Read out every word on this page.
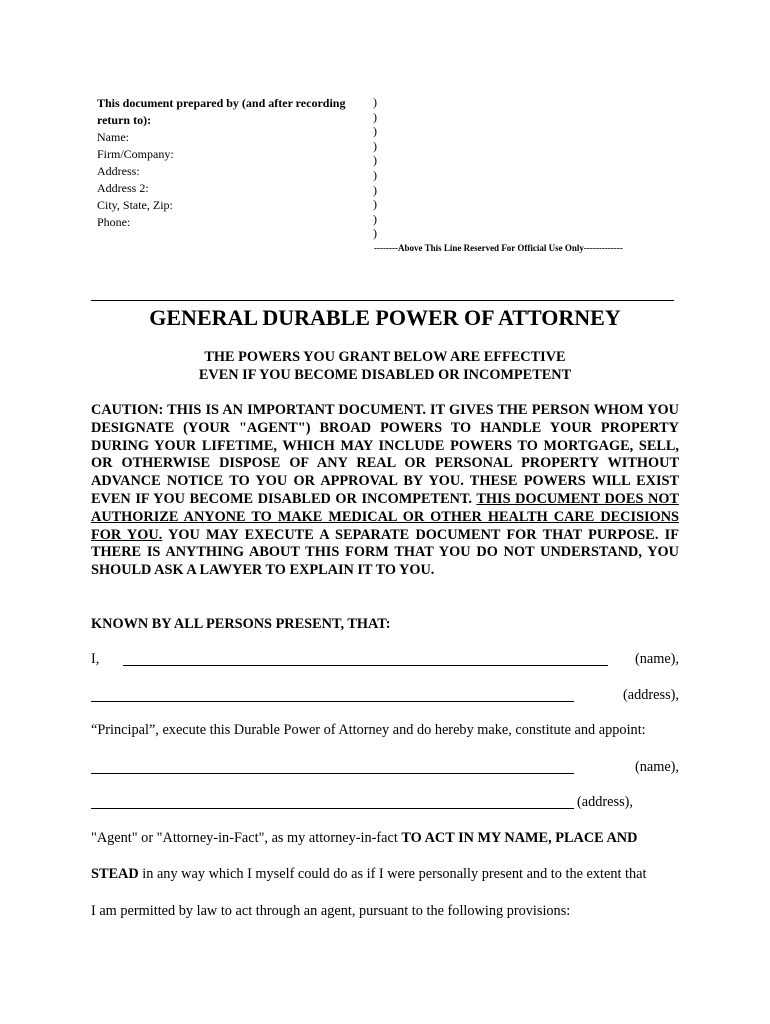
This document prepared by (and after recording
return to):
Name:
Firm/Company:
Address:
Address 2:
City, State, Zip:
Phone:
)
)
)
)
)
)
)
)
)
)
--------Above This Line Reserved For Official Use Only-------------
GENERAL DURABLE POWER OF ATTORNEY
THE POWERS YOU GRANT BELOW ARE EFFECTIVE
EVEN IF YOU BECOME DISABLED OR INCOMPETENT
CAUTION: THIS IS AN IMPORTANT DOCUMENT. IT GIVES THE PERSON WHOM YOU DESIGNATE (YOUR "AGENT") BROAD POWERS TO HANDLE YOUR PROPERTY DURING YOUR LIFETIME, WHICH MAY INCLUDE POWERS TO MORTGAGE, SELL, OR OTHERWISE DISPOSE OF ANY REAL OR PERSONAL PROPERTY WITHOUT ADVANCE NOTICE TO YOU OR APPROVAL BY YOU. THESE POWERS WILL EXIST EVEN IF YOU BECOME DISABLED OR INCOMPETENT. THIS DOCUMENT DOES NOT AUTHORIZE ANYONE TO MAKE MEDICAL OR OTHER HEALTH CARE DECISIONS FOR YOU. YOU MAY EXECUTE A SEPARATE DOCUMENT FOR THAT PURPOSE. IF THERE IS ANYTHING ABOUT THIS FORM THAT YOU DO NOT UNDERSTAND, YOU SHOULD ASK A LAWYER TO EXPLAIN IT TO YOU.
KNOWN BY ALL PERSONS PRESENT, THAT:
I,	(name),
(address),
“Principal”, execute this Durable Power of Attorney and do hereby make, constitute and appoint:
(name),
(address),
"Agent" or "Attorney-in-Fact", as my attorney-in-fact TO ACT IN MY NAME, PLACE AND
STEAD in any way which I myself could do as if I were personally present and to the extent that
I am permitted by law to act through an agent, pursuant to the following provisions:
